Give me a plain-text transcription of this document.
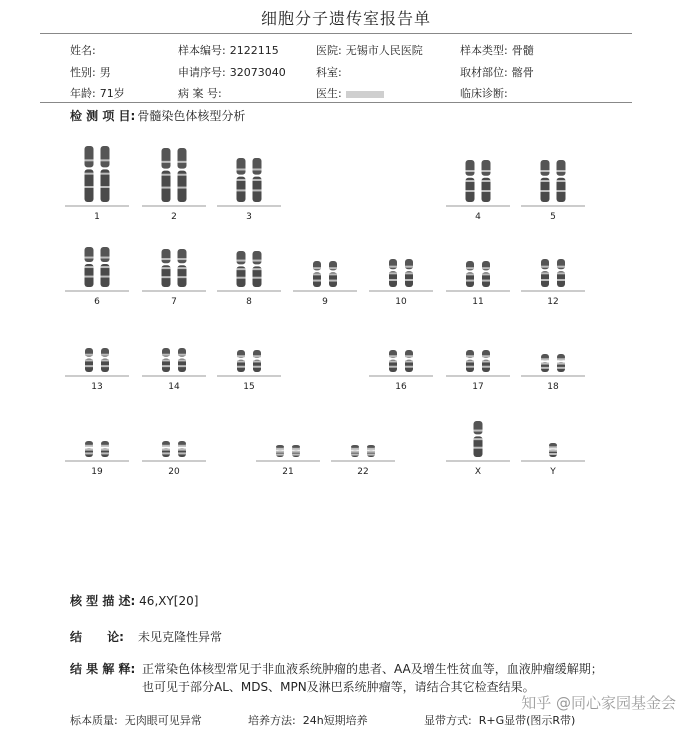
细胞分子遗传室报告单
姓名:	样本编号: 2122115	医院: 无锡市人民医院	样本类型: 骨髓
性别: 男	申请序号: 32073040	科室:	取材部位: 髂骨
年龄: 71岁	病 案 号:	医生:	临床诊断:
检 测 项 目: 骨髓染色体核型分析
1	2	3	4	5
6	7	8	9	10	11	12
13	14	15	16	17	18
19	20	21	22	X	Y
核 型 描 述: 46,XY[20]
结      论: 未见克隆性异常
结 果 解 释: 正常染色体核型常见于非血液系统肿瘤的患者、AA及增生性贫血等，血液肿瘤缓解期；也可见于部分AL、MDS、MPN及淋巴系统肿瘤等，请结合其它检查结果。
标本质量: 无肉眼可见异常	培养方法: 24h短期培养	显带方式: R+G显带(图示R带)
知乎 @同心家园基金会
